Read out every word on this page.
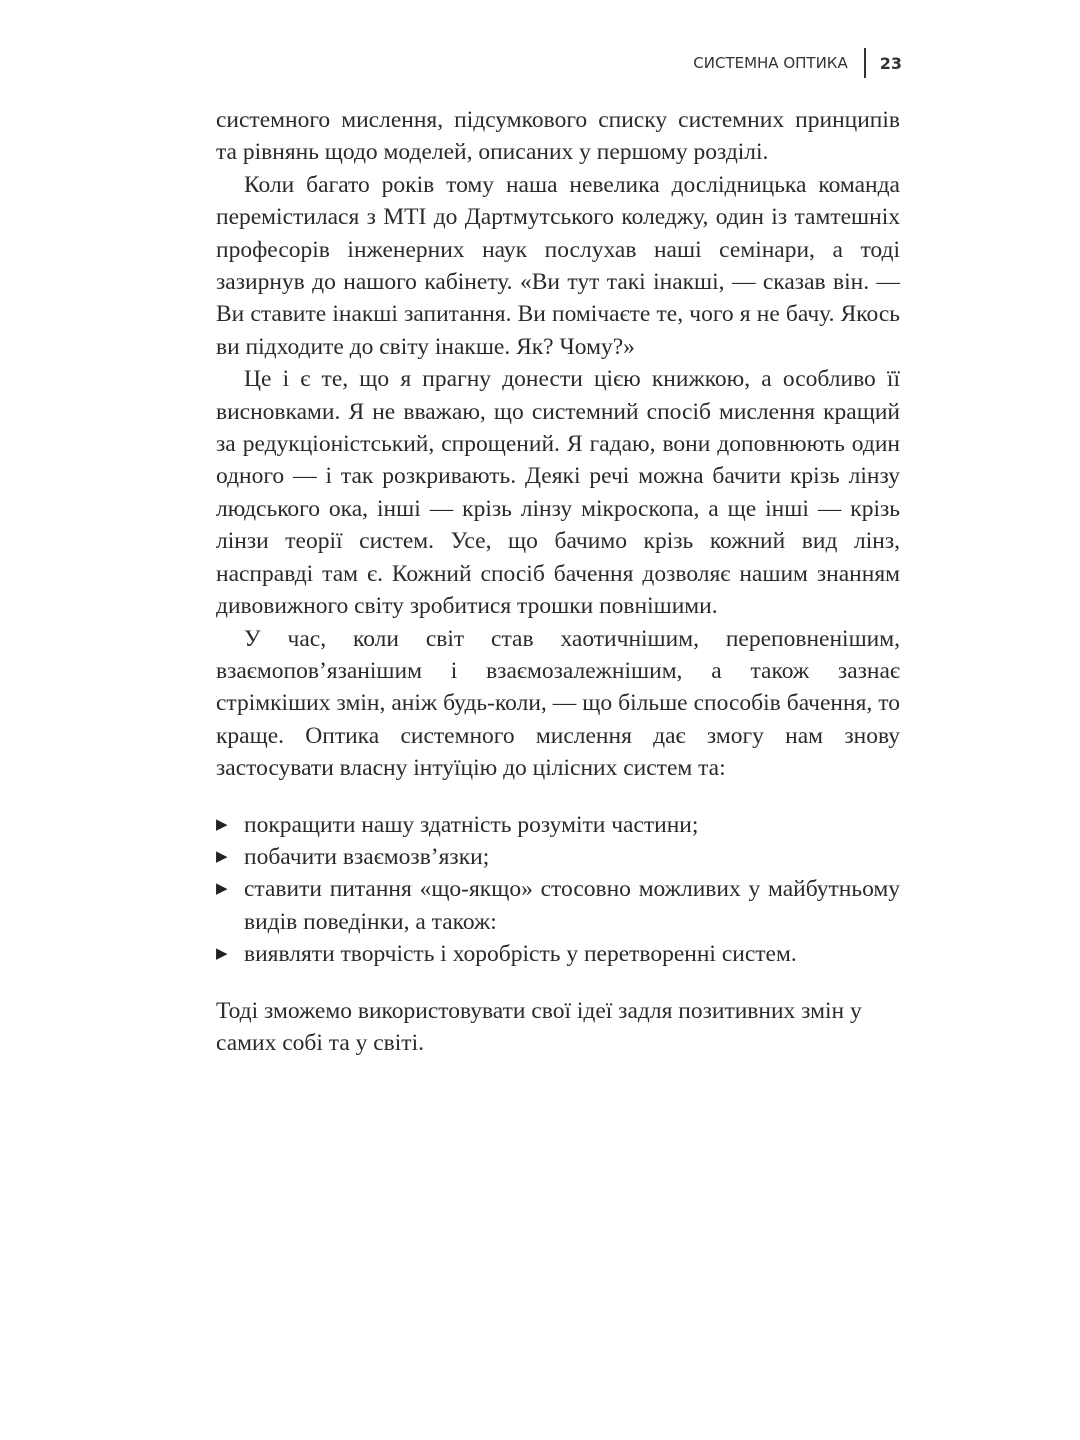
СИСТЕМНА ОПТИКА 23

системного мислення, підсумкового списку системних принципів та рівнянь щодо моделей, описаних у першому розділі.

Коли багато років тому наша невелика дослідницька команда перемістилася з МТІ до Дартмутського коледжу, один із тамтешніх професорів інженерних наук послухав наші семінари, а тоді зазирнув до нашого кабінету. «Ви тут такі інакші, — сказав він. — Ви ставите інакші запитання. Ви помічаєте те, чого я не бачу. Якось ви підходите до світу інакше. Як? Чому?»

Це і є те, що я прагну донести цією книжкою, а особливо її висновками. Я не вважаю, що системний спосіб мислення кращий за редукціоністський, спрощений. Я гадаю, вони доповнюють один одного — і так розкривають. Деякі речі можна бачити крізь лінзу людського ока, інші — крізь лінзу мікроскопа, а ще інші — крізь лінзи теорії систем. Усе, що бачимо крізь кожний вид лінз, насправді там є. Кожний спосіб бачення дозволяє нашим знанням дивовижного світу зробитися трошки повнішими.

У час, коли світ став хаотичнішим, переповненішим, взаємопов’язанішим і взаємозалежнішим, а також зазнає стрімкіших змін, аніж будь-коли, — що більше способів бачення, то краще. Оптика системного мислення дає змогу нам знову застосувати власну інтуїцію до цілісних систем та:

▶ покращити нашу здатність розуміти частини;
▶ побачити взаємозв’язки;
▶ ставити питання «що-якщо» стосовно можливих у майбутньому видів поведінки, а також:
▶ виявляти творчість і хоробрість у перетворенні систем.

Тоді зможемо використовувати свої ідеї задля позитивних змін у самих собі та у світі.
